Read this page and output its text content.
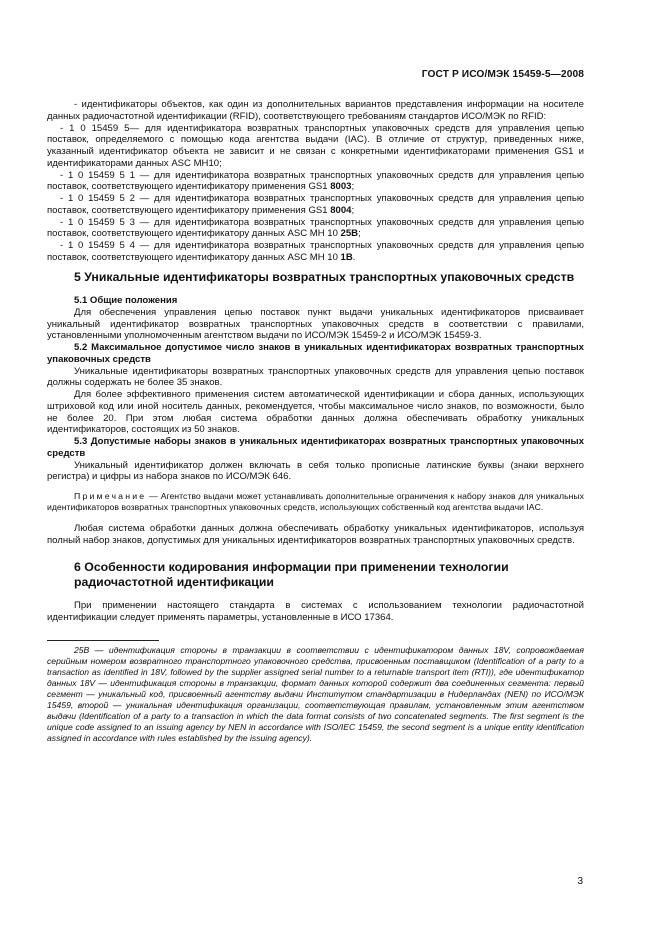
ГОСТ Р ИСО/МЭК 15459-5—2008

- идентификаторы объектов, как один из дополнительных вариантов представления информации на носителе данных радиочастотной идентификации (RFID), соответствующего требованиям стандартов ИСО/МЭК по RFID:

- 1 0 15459 5— для идентификатора возвратных транспортных упаковочных средств для управления цепью поставок, определяемого с помощью кода агентства выдачи (IAC). В отличие от структур, приведенных ниже, указанный идентификатор объекта не зависит и не связан с конкретными идентификаторами применения GS1 и идентификаторами данных ASC MH10;

- 1 0 15459 5 1 — для идентификатора возвратных транспортных упаковочных средств для управления цепью поставок, соответствующего идентификатору применения GS1 8003;

- 1 0 15459 5 2 — для идентификатора возвратных транспортных упаковочных средств для управления цепью поставок, соответствующего идентификатору применения GS1 8004;

- 1 0 15459 5 3 — для идентификатора возвратных транспортных упаковочных средств для управления цепью поставок, соответствующего идентификатору данных ASC MH 10 25B;

- 1 0 15459 5 4 — для идентификатора возвратных транспортных упаковочных средств для управления цепью поставок, соответствующего идентификатору данных ASC MH 10 1B.

5 Уникальные идентификаторы возвратных транспортных упаковочных средств
5.1 Общие положения

Для обеспечения управления цепью поставок пункт выдачи уникальных идентификаторов присваивает уникальный идентификатор возвратных транспортных упаковочных средств в соответствии с правилами, установленными уполномоченным агентством выдачи по ИСО/МЭК 15459-2 и ИСО/МЭК 15459-3.

5.2 Максимальное допустимое число знаков в уникальных идентификаторах возвратных транспортных упаковочных средств

Уникальные идентификаторы возвратных транспортных упаковочных средств для управления цепью поставок должны содержать не более 35 знаков.

Для более эффективного применения систем автоматической идентификации и сбора данных, использующих штриховой код или иной носитель данных, рекомендуется, чтобы максимальное число знаков, по возможности, было не более 20. При этом любая система обработки данных должна обеспечивать обработку уникальных идентификаторов, состоящих из 50 знаков.

5.3 Допустимые наборы знаков в уникальных идентификаторах возвратных транспортных упаковочных средств

Уникальный идентификатор должен включать в себя только прописные латинские буквы (знаки верхнего регистра) и цифры из набора знаков по ИСО/МЭК 646.

Примечание — Агентство выдачи может устанавливать дополнительные ограничения к набору знаков для уникальных идентификаторов возвратных транспортных упаковочных средств, использующих собственный код агентства выдачи IAC.

Любая система обработки данных должна обеспечивать обработку уникальных идентификаторов, используя полный набор знаков, допустимых для уникальных идентификаторов возвратных транспортных упаковочных средств.

6 Особенности кодирования информации при применении технологии радиочастотной идентификации

При применении настоящего стандарта в системах с использованием технологии радиочастотной идентификации следует применять параметры, установленные в ИСО 17364.

25B — идентификация стороны в транзакции в соответствии с идентификатором данных 18V, сопровождаемая серийным номером возвратного транспортного упаковочного средства, присвоенным поставщиком (Identification of a party to a transaction as identified in 18V, followed by the supplier assigned serial number to a returnable transport item (RTI)), где идентификатор данных 18V — идентификация стороны в транзакции, формат данных которой содержит два соединенных сегмента: первый сегмент — уникальный код, присвоенный агентству выдачи Институтом стандартизации в Нидерландах (NEN) по ИСО/МЭК 15459, второй — уникальная идентификация организации, соответствующая правилам, установленным этим агентством выдачи (Identification of a party to a transaction in which the data format consists of two concatenated segments. The first segment is the unique code assigned to an issuing agency by NEN in accordance with ISO/IEC 15459, the second segment is a unique entity identification assigned in accordance with rules established by the issuing agency).

3
